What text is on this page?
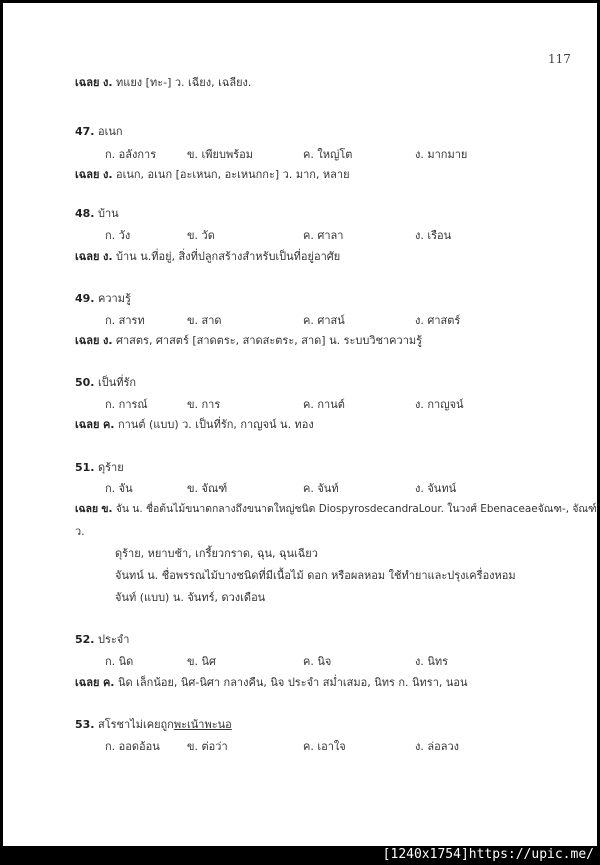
117
เฉลย ง. ทแยง [ทะ-] ว. เฉียง, เฉลียง.
47. อเนก
ก. อลังการ	ข. เพียบพร้อม	ค. ใหญ่โต	ง. มากมาย
เฉลย ง. อเนก, อเนก [อะเหนก, อะเหนกกะ] ว. มาก, หลาย
48. บ้าน
ก. วัง	ข. วัด	ค. ศาลา	ง. เรือน
เฉลย ง. บ้าน น.ที่อยู่, สิ่งที่ปลูกสร้างสำหรับเป็นที่อยู่อาศัย
49. ความรู้
ก. สารท	ข. สาด	ค. ศาสน์	ง. ศาสตร์
เฉลย ง. ศาสตร, ศาสตร์ [สาดตระ, สาดสะตระ, สาด] น. ระบบวิชาความรู้
50. เป็นที่รัก
ก. การณ์	ข. การ	ค. กานต์	ง. กาญจน์
เฉลย ค. กานต์ (แบบ) ว. เป็นที่รัก, กาญจน์ น. ทอง
51. ดุร้าย
ก. จัน	ข. จัณฑ์	ค. จันท์	ง. จันทน์
เฉลย ข. จัน น. ชื่อต้นไม้ขนาดกลางถึงขนาดใหญ่ชนิด DiospyrosdecandraLour. ในวงศ์ Ebenaceaeจัณฑ-, จัณฑ์
ว.
ดุร้าย, หยาบช้า, เกรี้ยวกราด, ฉุน, ฉุนเฉียว
จันทน์ น. ชื่อพรรณไม้บางชนิดที่มีเนื้อไม้ ดอก หรือผลหอม ใช้ทำยาและปรุงเครื่องหอม
จันท์ (แบบ) น. จันทร์, ดวงเดือน
52. ประจำ
ก. นิด	ข. นิศ	ค. นิจ	ง. นิทร
เฉลย ค. นิด เล็กน้อย, นิศ-นิศา กลางคืน, นิจ ประจำ สม่ำเสมอ, นิทร ก. นิทรา, นอน
53. สโรชาไม่เคยถูกพะเน้าพะนอ
ก. ออดอ้อน ข. ต่อว่า	ค. เอาใจ	ง. ล่อลวง
[1240x1754]https://upic.me/
